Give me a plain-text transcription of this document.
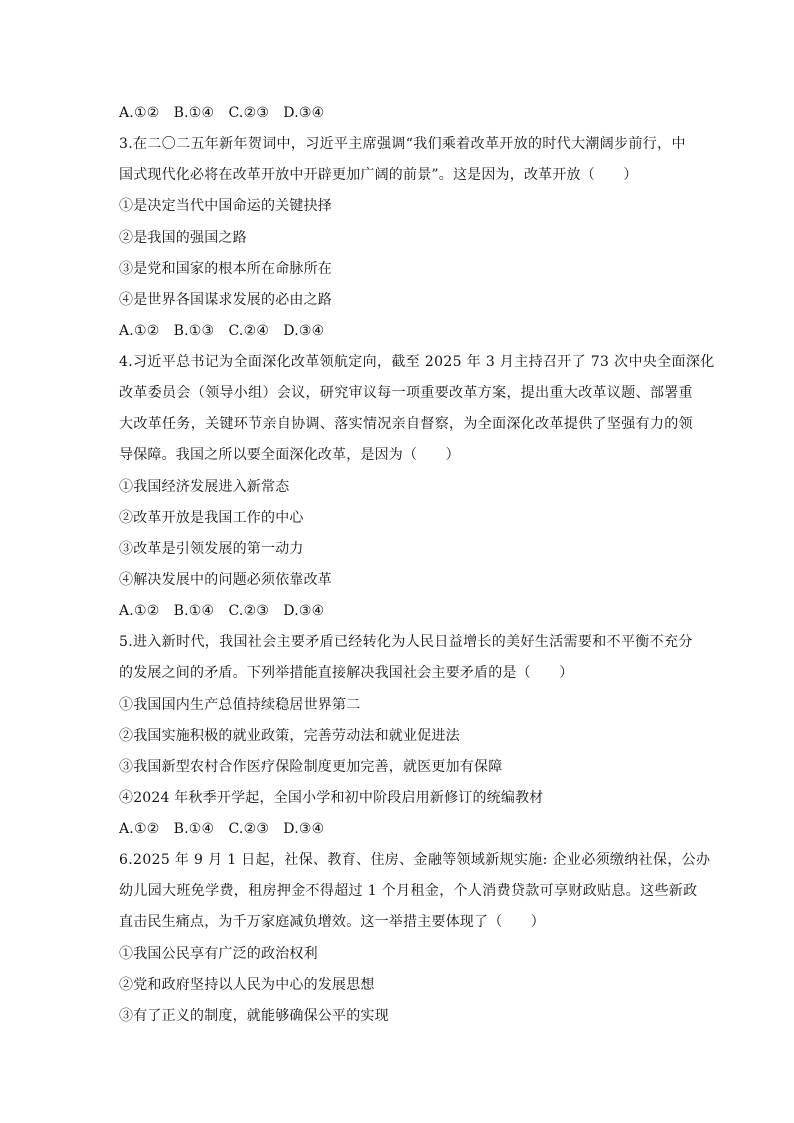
A.①②　B.①④　C.②③　D.③④
3.在二〇二五年新年贺词中，习近平主席强调“我们乘着改革开放的时代大潮阔步前行，中
国式现代化必将在改革开放中开辟更加广阔的前景”。这是因为，改革开放（　　）
①是决定当代中国命运的关键抉择
②是我国的强国之路
③是党和国家的根本所在命脉所在
④是世界各国谋求发展的必由之路
A.①②　B.①③　C.②④　D.③④
4.习近平总书记为全面深化改革领航定向，截至 2025 年 3 月主持召开了 73 次中央全面深化
改革委员会（领导小组）会议，研究审议每一项重要改革方案，提出重大改革议题、部署重
大改革任务，关键环节亲自协调、落实情况亲自督察，为全面深化改革提供了坚强有力的领
导保障。我国之所以要全面深化改革，是因为（　　）
①我国经济发展进入新常态
②改革开放是我国工作的中心
③改革是引领发展的第一动力
④解决发展中的问题必须依靠改革
A.①②　B.①④　C.②③　D.③④
5.进入新时代，我国社会主要矛盾已经转化为人民日益增长的美好生活需要和不平衡不充分
的发展之间的矛盾。下列举措能直接解决我国社会主要矛盾的是（　　）
①我国国内生产总值持续稳居世界第二
②我国实施积极的就业政策，完善劳动法和就业促进法
③我国新型农村合作医疗保险制度更加完善，就医更加有保障
④2024 年秋季开学起，全国小学和初中阶段启用新修订的统编教材
A.①②　B.①④　C.②③　D.③④
6.2025 年 9 月 1 日起，社保、教育、住房、金融等领域新规实施: 企业必须缴纳社保，公办
幼儿园大班免学费，租房押金不得超过 1 个月租金，个人消费贷款可享财政贴息。这些新政
直击民生痛点，为千万家庭减负增效。这一举措主要体现了（　　）
①我国公民享有广泛的政治权利
②党和政府坚持以人民为中心的发展思想
③有了正义的制度，就能够确保公平的实现
